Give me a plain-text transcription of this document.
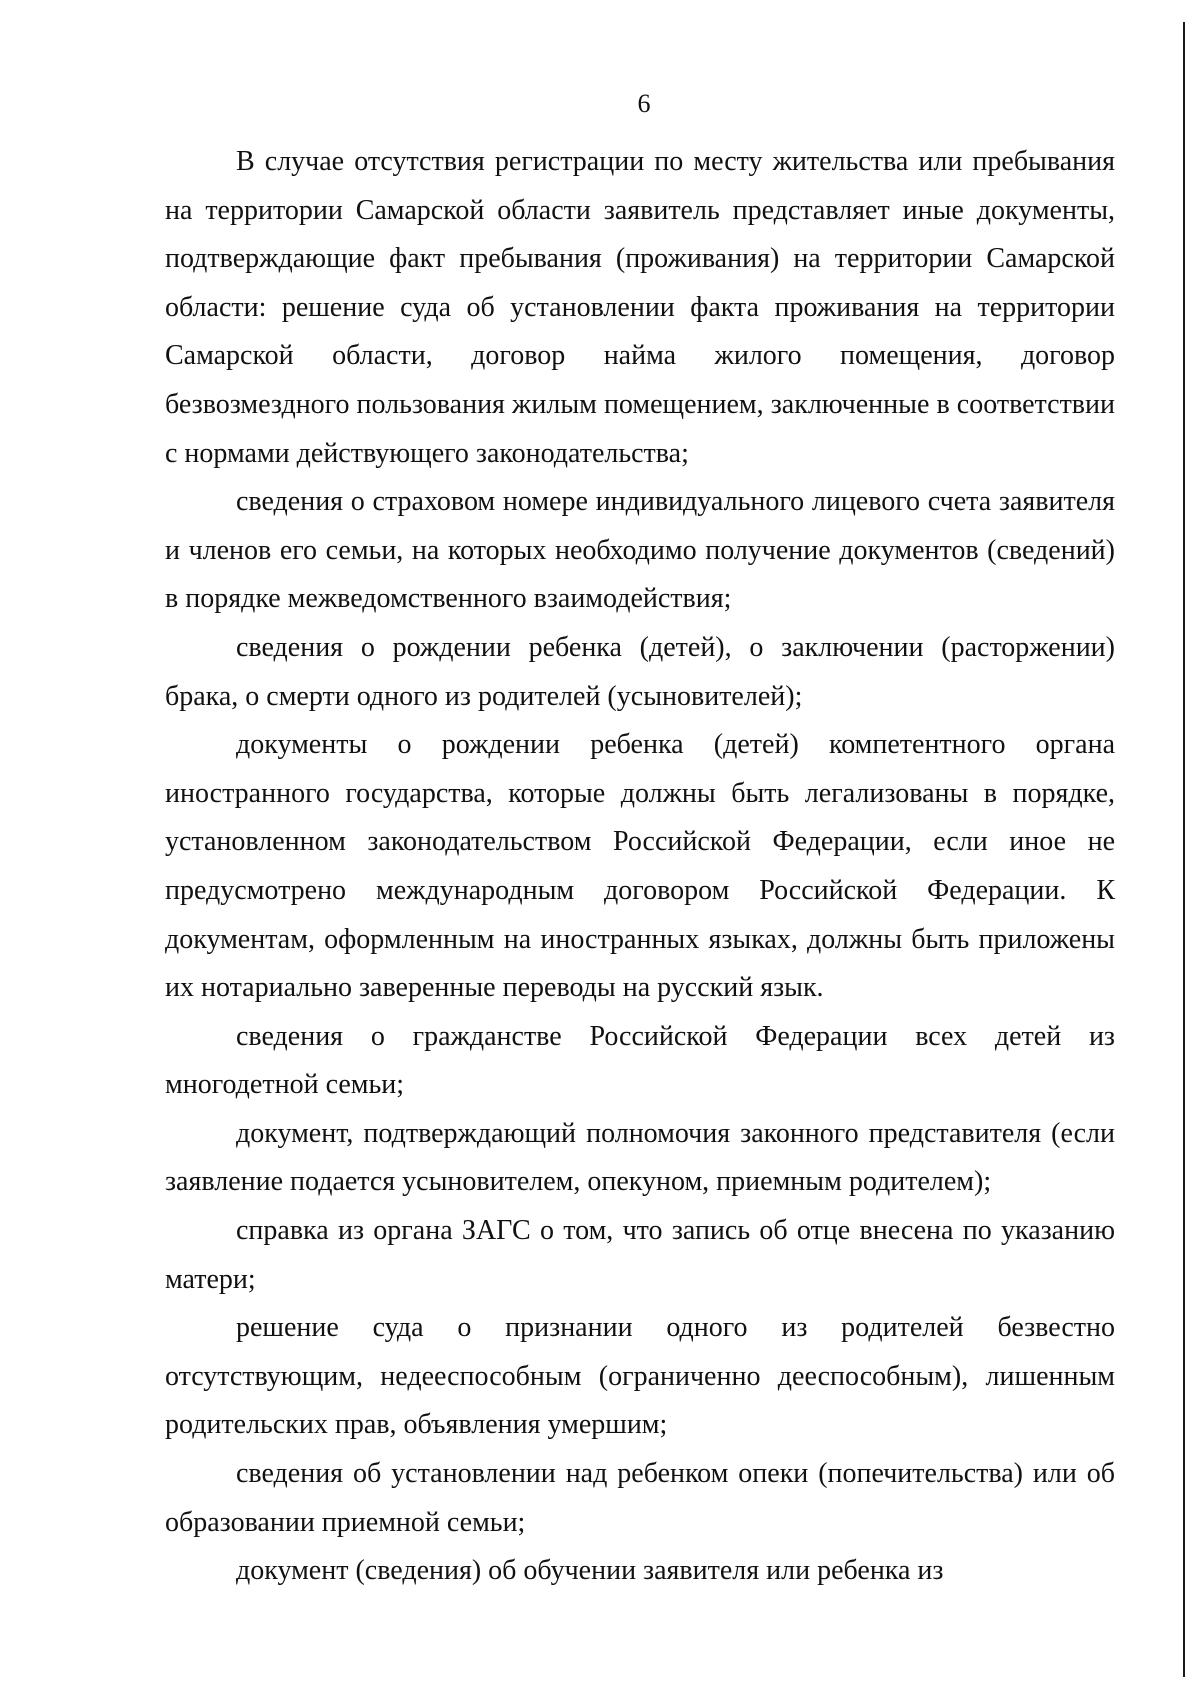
6

В случае отсутствия регистрации по месту жительства или пребывания на территории Самарской области заявитель представляет иные документы, подтверждающие факт пребывания (проживания) на территории Самарской области: решение суда об установлении факта проживания на территории Самарской области, договор найма жилого помещения, договор безвозмездного пользования жилым помещением, заключенные в соответствии с нормами действующего законодательства;

сведения о страховом номере индивидуального лицевого счета заявителя и членов его семьи, на которых необходимо получение документов (сведений) в порядке межведомственного взаимодействия;

сведения о рождении ребенка (детей), о заключении (расторжении) брака, о смерти одного из родителей (усыновителей);

документы о рождении ребенка (детей) компетентного органа иностранного государства, которые должны быть легализованы в порядке, установленном законодательством Российской Федерации, если иное не предусмотрено международным договором Российской Федерации. К документам, оформленным на иностранных языках, должны быть приложены их нотариально заверенные переводы на русский язык.

сведения о гражданстве Российской Федерации всех детей из многодетной семьи;

документ, подтверждающий полномочия законного представителя (если заявление подается усыновителем, опекуном, приемным родителем);

справка из органа ЗАГС о том, что запись об отце внесена по указанию матери;

решение суда о признании одного из родителей безвестно отсутствующим, недееспособным (ограниченно дееспособным), лишенным родительских прав, объявления умершим;

сведения об установлении над ребенком опеки (попечительства) или об образовании приемной семьи;

документ (сведения) об обучении заявителя или ребенка из
